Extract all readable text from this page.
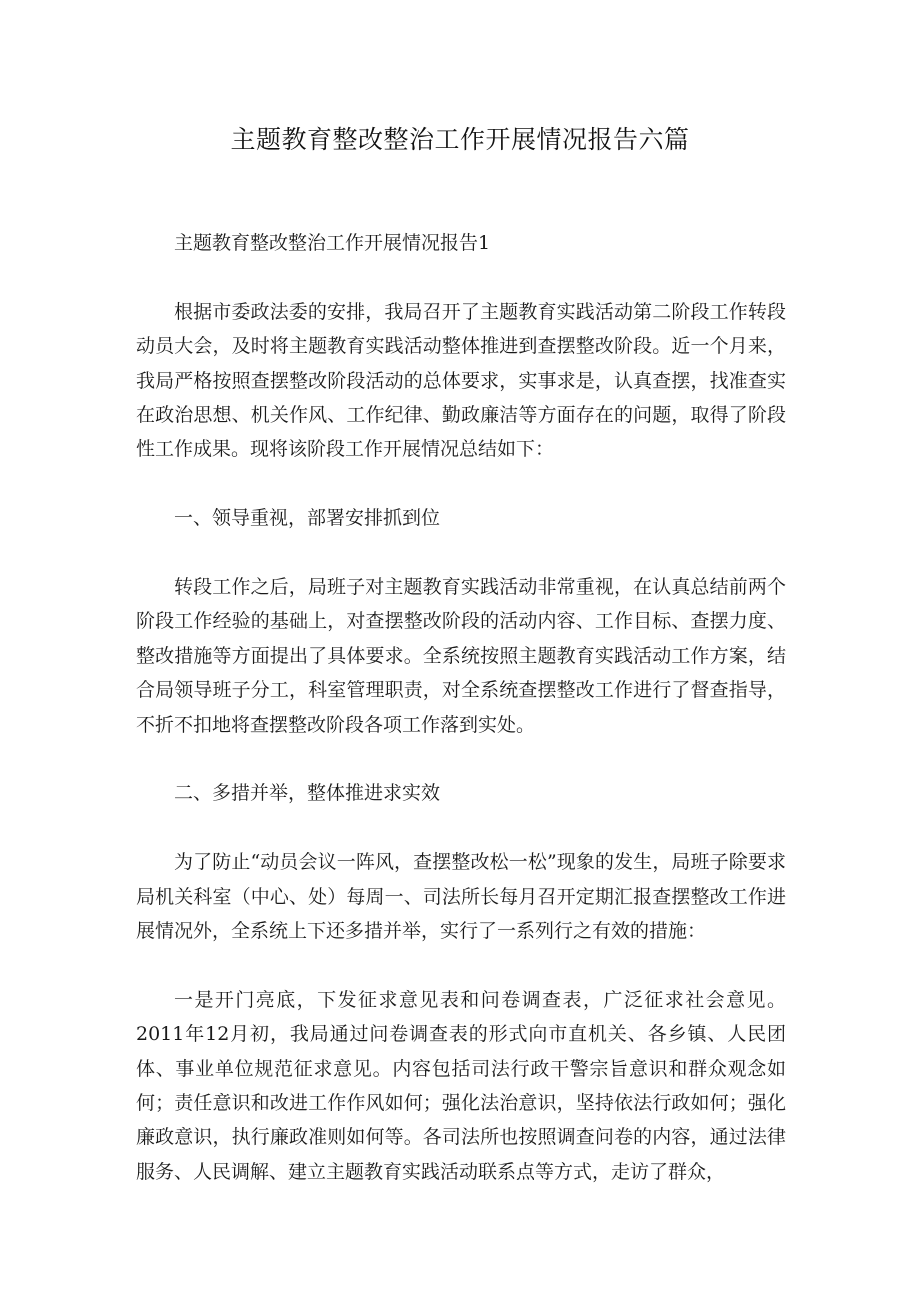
主题教育整改整治工作开展情况报告六篇

主题教育整改整治工作开展情况报告1

根据市委政法委的安排，我局召开了主题教育实践活动第二阶段工作转段动员大会，及时将主题教育实践活动整体推进到查摆整改阶段。近一个月来，我局严格按照查摆整改阶段活动的总体要求，实事求是，认真查摆，找准查实在政治思想、机关作风、工作纪律、勤政廉洁等方面存在的问题，取得了阶段性工作成果。现将该阶段工作开展情况总结如下：

一、领导重视，部署安排抓到位

转段工作之后，局班子对主题教育实践活动非常重视，在认真总结前两个阶段工作经验的基础上，对查摆整改阶段的活动内容、工作目标、查摆力度、整改措施等方面提出了具体要求。全系统按照主题教育实践活动工作方案，结合局领导班子分工，科室管理职责，对全系统查摆整改工作进行了督查指导，不折不扣地将查摆整改阶段各项工作落到实处。

二、多措并举，整体推进求实效

为了防止“动员会议一阵风，查摆整改松一松”现象的发生，局班子除要求局机关科室（中心、处）每周一、司法所长每月召开定期汇报查摆整改工作进展情况外，全系统上下还多措并举，实行了一系列行之有效的措施：

一是开门亮底，下发征求意见表和问卷调查表，广泛征求社会意见。2011年12月初，我局通过问卷调查表的形式向市直机关、各乡镇、人民团体、事业单位规范征求意见。内容包括司法行政干警宗旨意识和群众观念如何；责任意识和改进工作作风如何；强化法治意识，坚持依法行政如何；强化廉政意识，执行廉政准则如何等。各司法所也按照调查问卷的内容，通过法律服务、人民调解、建立主题教育实践活动联系点等方式，走访了群众，
